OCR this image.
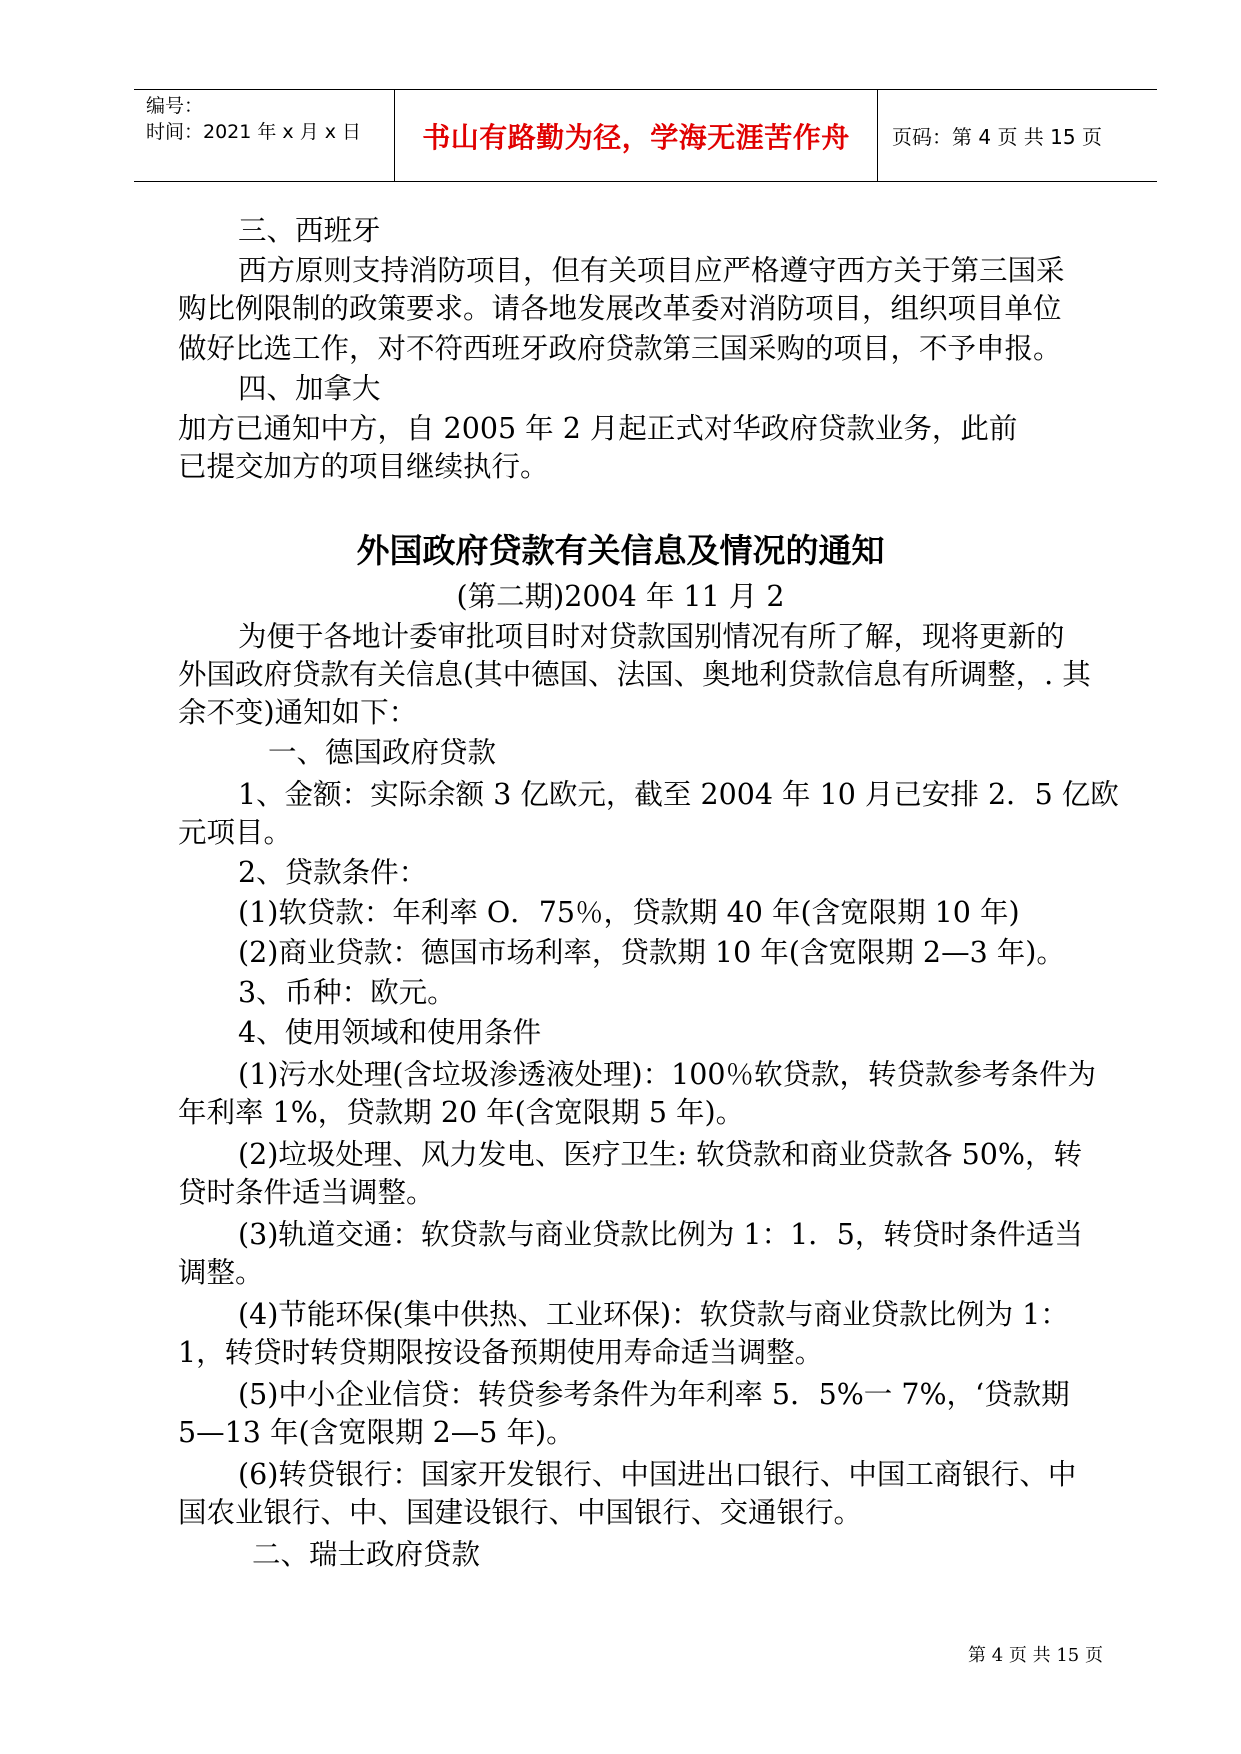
编号：
时间：2021 年 x 月 x 日 书山有路勤为径，学海无涯苦作舟 页码：第 4 页 共 15 页
三、西班牙
西方原则支持消防项目，但有关项目应严格遵守西方关于第三国采
购比例限制的政策要求。请各地发展改革委对消防项目，组织项目单位
做好比选工作，对不符西班牙政府贷款第三国采购的项目，不予申报。
四、加拿大
加方已通知中方，自 2005 年 2 月起正式对华政府贷款业务，此前
已提交加方的项目继续执行。
外国政府贷款有关信息及情况的通知
(第二期)2004 年 11 月 2
为便于各地计委审批项目时对贷款国别情况有所了解，现将更新的
外国政府贷款有关信息(其中德国、法国、奥地利贷款信息有所调整，. 其
余不变)通知如下：
一、德国政府贷款
1、金额：实际余额 3 亿欧元，截至 2004 年 10 月已安排 2．5 亿欧
元项目。
2、贷款条件：
(1)软贷款：年利率 O．75％，贷款期 40 年(含宽限期 10 年)
(2)商业贷款：德国市场利率，贷款期 10 年(含宽限期 2—3 年)。
3、币种：欧元。
4、使用领域和使用条件
(1)污水处理(含垃圾渗透液处理)：100％软贷款，转贷款参考条件为
年利率 1%，贷款期 20 年(含宽限期 5 年)。
(2)垃圾处理、风力发电、医疗卫生: 软贷款和商业贷款各 50%，转
贷时条件适当调整。
(3)轨道交通：软贷款与商业贷款比例为 1：1．5，转贷时条件适当
调整。
(4)节能环保(集中供热、工业环保)：软贷款与商业贷款比例为 1：
1，转贷时转贷期限按设备预期使用寿命适当调整。
(5)中小企业信贷：转贷参考条件为年利率 5．5%一 7%，‘贷款期
5—13 年(含宽限期 2—5 年)。
(6)转贷银行：国家开发银行、中国进出口银行、中国工商银行、中
国农业银行、中、国建设银行、中国银行、交通银行。
二、瑞士政府贷款
第 4 页 共 15 页
